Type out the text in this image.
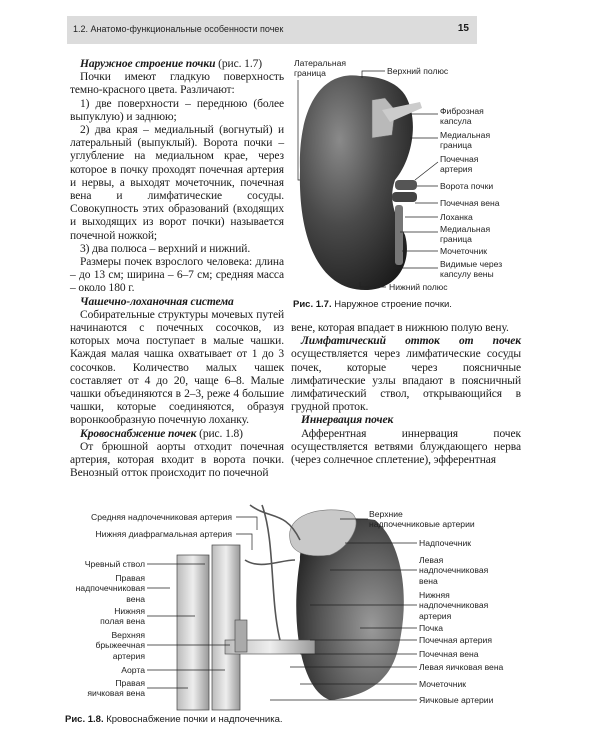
1.2. Анатомо-функциональные особенности почек	15

Наружное строение почки (рис. 1.7)

Почки имеют гладкую поверхность темно-красного цвета. Различают:

1) две поверхности – переднюю (более выпуклую) и заднюю;

2) два края – медиальный (вогнутый) и латеральный (выпуклый). Ворота почки – углубление на медиальном крае, через которое в почку проходят почечная артерия и нервы, а выходят мочеточник, почечная вена и лимфатические сосуды. Совокупность этих образований (входящих и выходящих из ворот почки) называется почечной ножкой;

3) два полюса – верхний и нижний.

Размеры почек взрослого человека: длина – до 13 см; ширина – 6–7 см; средняя масса – около 180 г.

Чашечно-лоханочная система

Собирательные структуры мочевых путей начинаются с почечных сосочков, из которых моча поступает в малые чашки. Каждая малая чашка охватывает от 1 до 3 сосочков. Количество малых чашек составляет от 4 до 20, чаще 6–8. Малые чашки объединяются в 2–3, реже 4 большие чашки, которые соединяются, образуя воронкообразную почечную лоханку.

Кровоснабжение почек (рис. 1.8)

От брюшной аорты отходит почечная артерия, которая входит в ворота почки. Венозный отток происходит по почечной

вене, которая впадает в нижнюю полую вену.

Лимфатический отток от почек осуществляется через лимфатические сосуды почек, которые через поясничные лимфатические узлы впадают в поясничный лимфатический ствол, открывающийся в грудной проток.

Иннервация почек

Афферентная иннервация почек осуществляется ветвями блуждающего нерва (через солнечное сплетение), эфферентная

Латеральная
граница	Верхний полюс
Фиброзная
капсула
Медиальная
граница
Почечная
артерия
Ворота почки
Почечная вена
Лоханка
Медиальная
граница
Мочеточник
Видимые через
капсулу вены
Нижний полюс
Рис. 1.7. Наружное строение почки.
Средняя надпочечниковая артерия
Нижняя диафрагмальная артерия
Чревный ствол
Правая
надпочечниковая
вена
Нижняя
полая вена
Верхняя
брыжеечная
артерия
Аорта
Правая
яичковая вена
Верхние
надпочечниковые артерии
Надпочечник
Левая
надпочечниковая
вена
Нижняя
надпочечниковая
артерия
Почка
Почечная артерия
Почечная вена
Левая яичковая вена
Мочеточник
Яичковые артерии
Рис. 1.8. Кровоснабжение почки и надпочечника.
